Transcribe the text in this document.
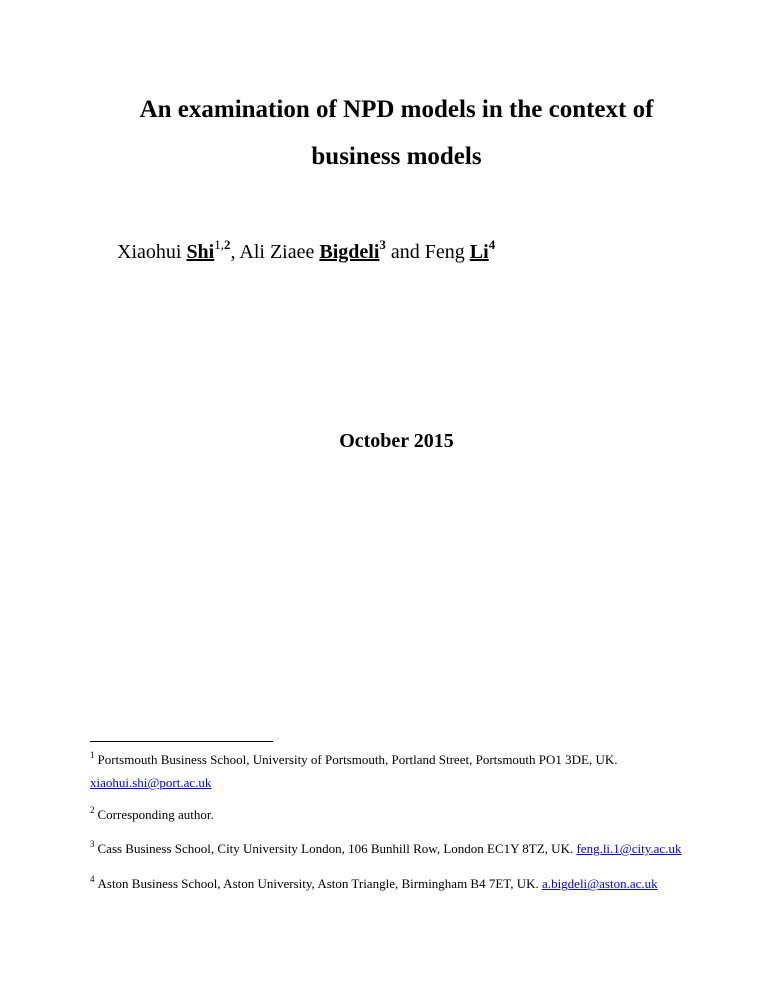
An examination of NPD models in the context of
business models
Xiaohui Shi$^{1,2}$, Ali Ziaee Bigdeli$^3$ and Feng Li$^4$
October 2015
$^1$ Portsmouth Business School, University of Portsmouth, Portland Street, Portsmouth PO1 3DE, UK.
xiaohui.shi@port.ac.uk
$^2$ Corresponding author.
$^3$ Cass Business School, City University London, 106 Bunhill Row, London EC1Y 8TZ, UK. feng.li.1@city.ac.uk
$^4$ Aston Business School, Aston University, Aston Triangle, Birmingham B4 7ET, UK. a.bigdeli@aston.ac.uk
